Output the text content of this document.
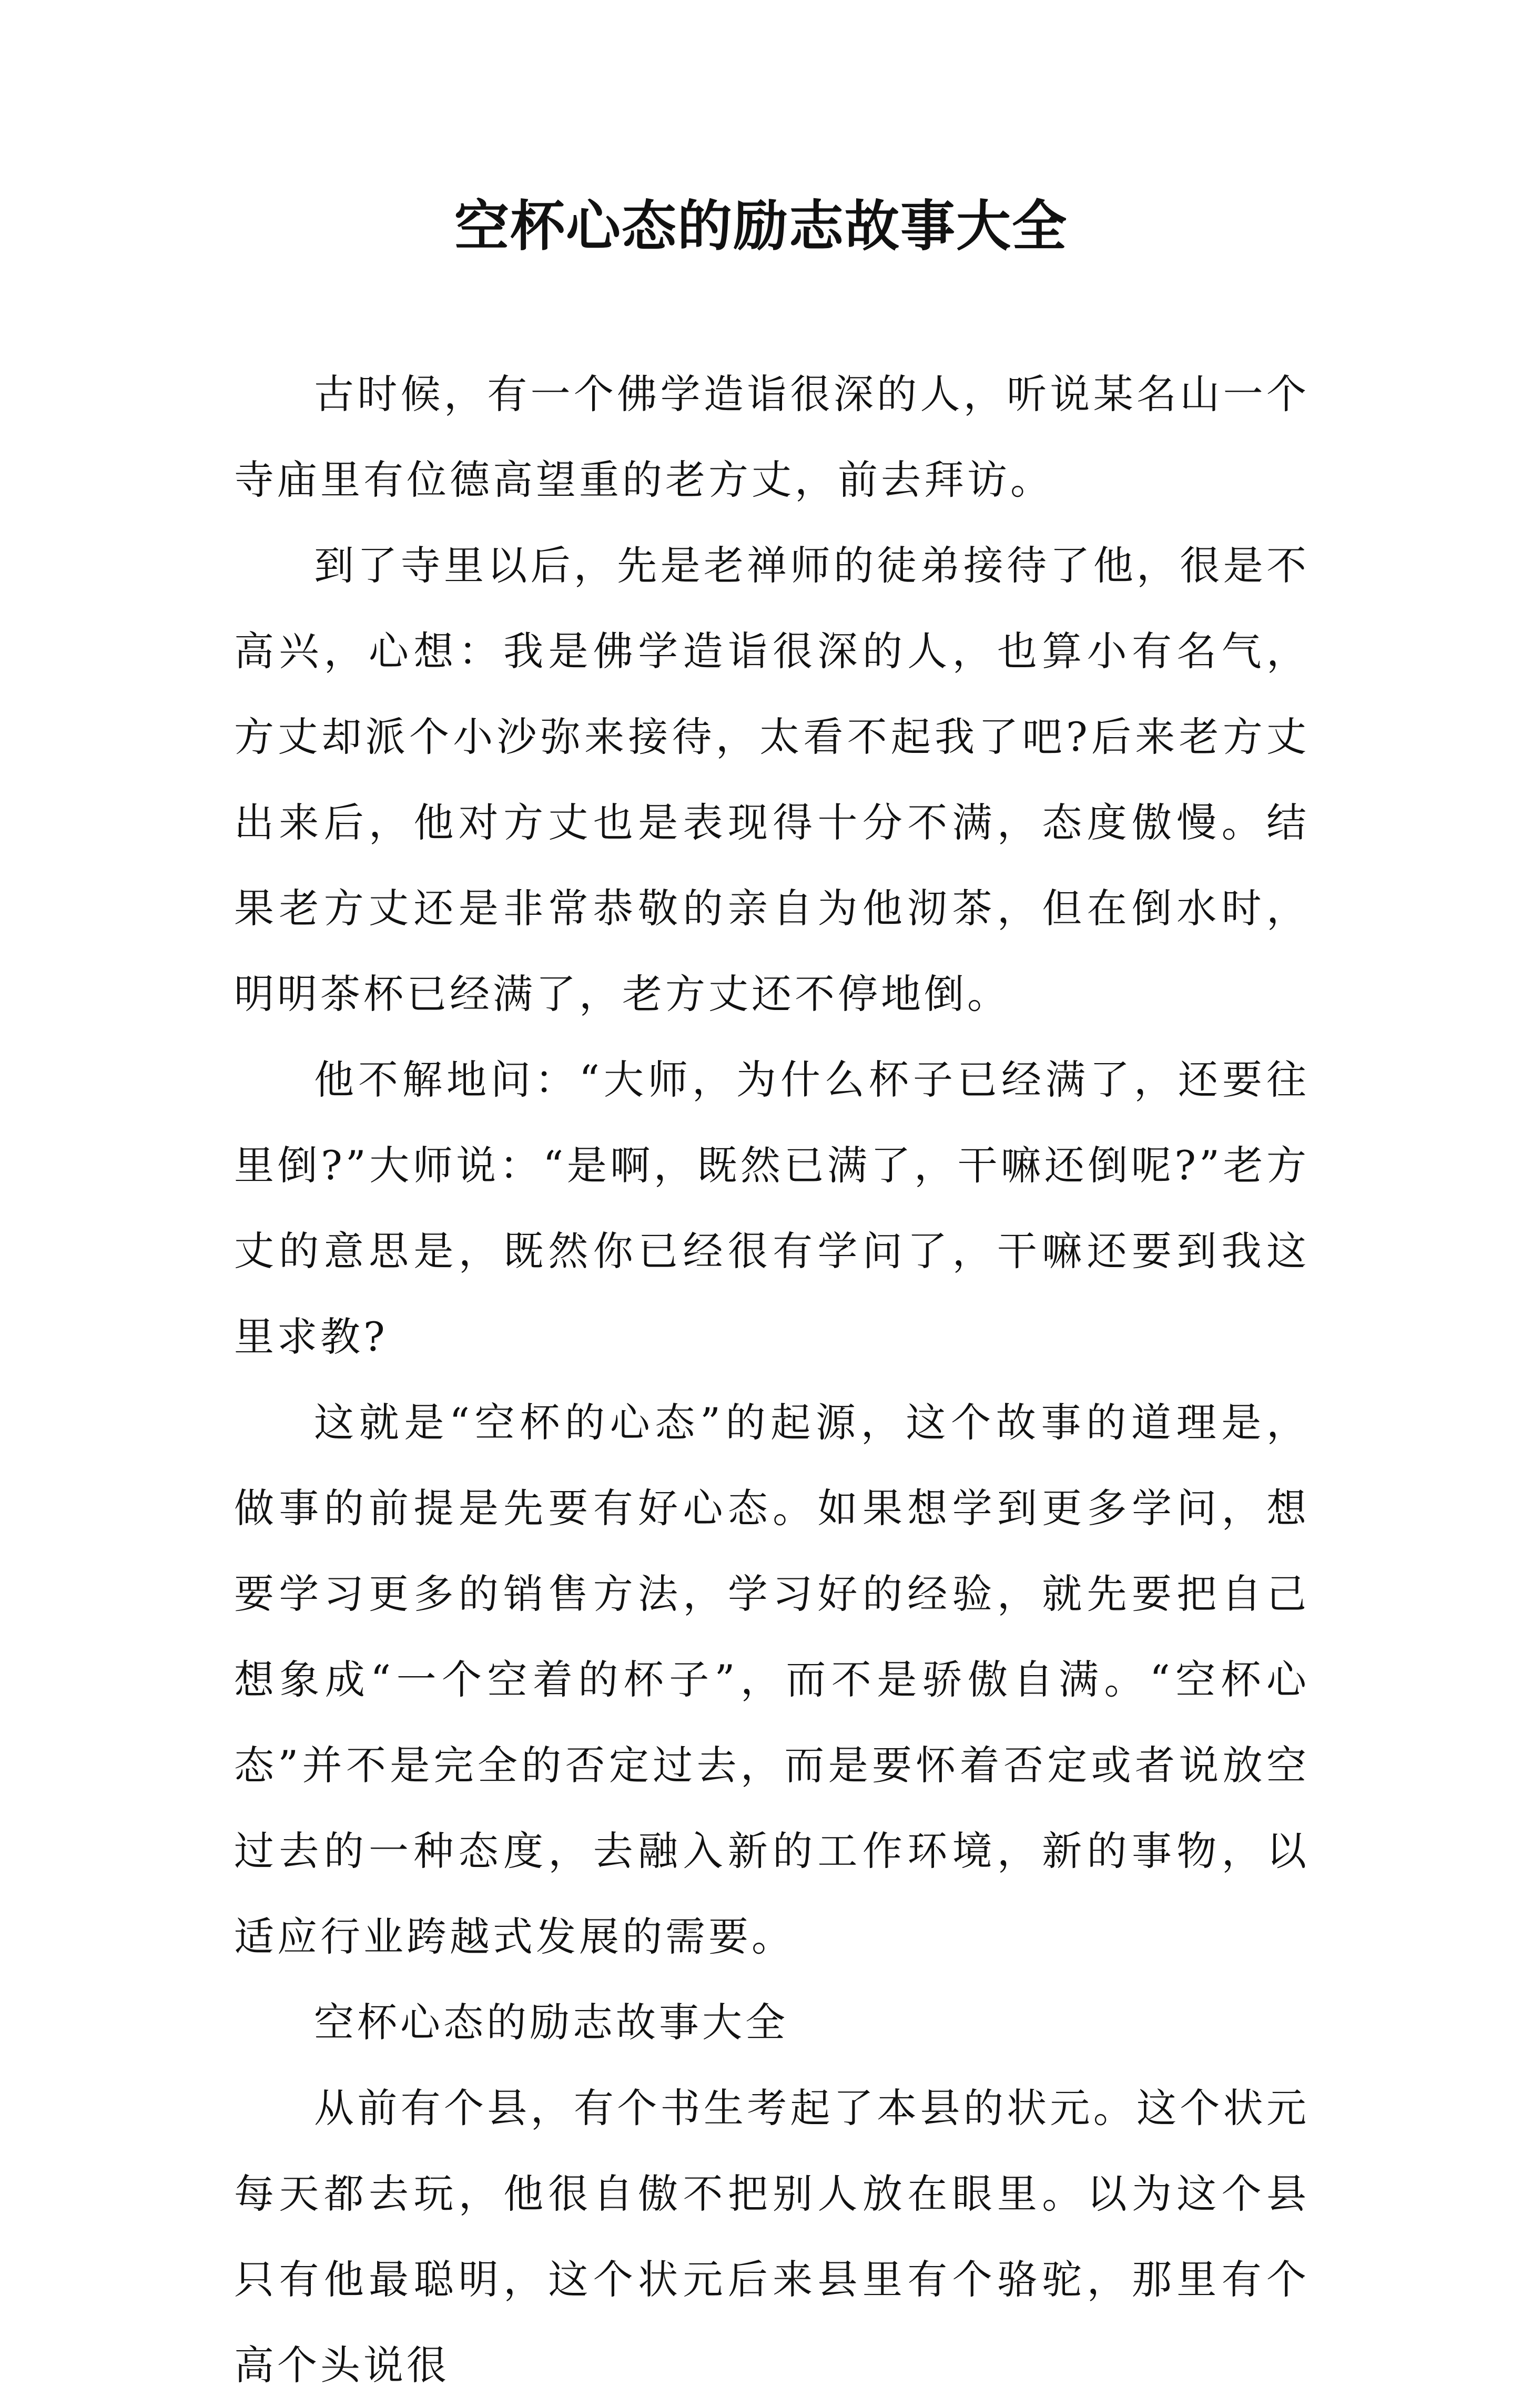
空杯心态的励志故事大全

古时候，有一个佛学造诣很深的人，听说某名山一个寺庙里有位德高望重的老方丈，前去拜访。

到了寺里以后，先是老禅师的徒弟接待了他，很是不高兴，心想：我是佛学造诣很深的人，也算小有名气，方丈却派个小沙弥来接待，太看不起我了吧?后来老方丈出来后，他对方丈也是表现得十分不满，态度傲慢。结果老方丈还是非常恭敬的亲自为他沏茶，但在倒水时，明明茶杯已经满了，老方丈还不停地倒。

他不解地问：“大师，为什么杯子已经满了，还要往里倒?”大师说：“是啊，既然已满了，干嘛还倒呢?”老方丈的意思是，既然你已经很有学问了，干嘛还要到我这里求教?

这就是“空杯的心态”的起源，这个故事的道理是，做事的前提是先要有好心态。如果想学到更多学问，想要学习更多的销售方法，学习好的经验，就先要把自己想象成“一个空着的杯子”，而不是骄傲自满。“空杯心态”并不是完全的否定过去，而是要怀着否定或者说放空过去的一种态度，去融入新的工作环境，新的事物，以适应行业跨越式发展的需要。

空杯心态的励志故事大全

从前有个县，有个书生考起了本县的状元。这个状元每天都去玩，他很自傲不把别人放在眼里。以为这个县只有他最聪明，这个状元后来县里有个骆驼，那里有个高个头说很
